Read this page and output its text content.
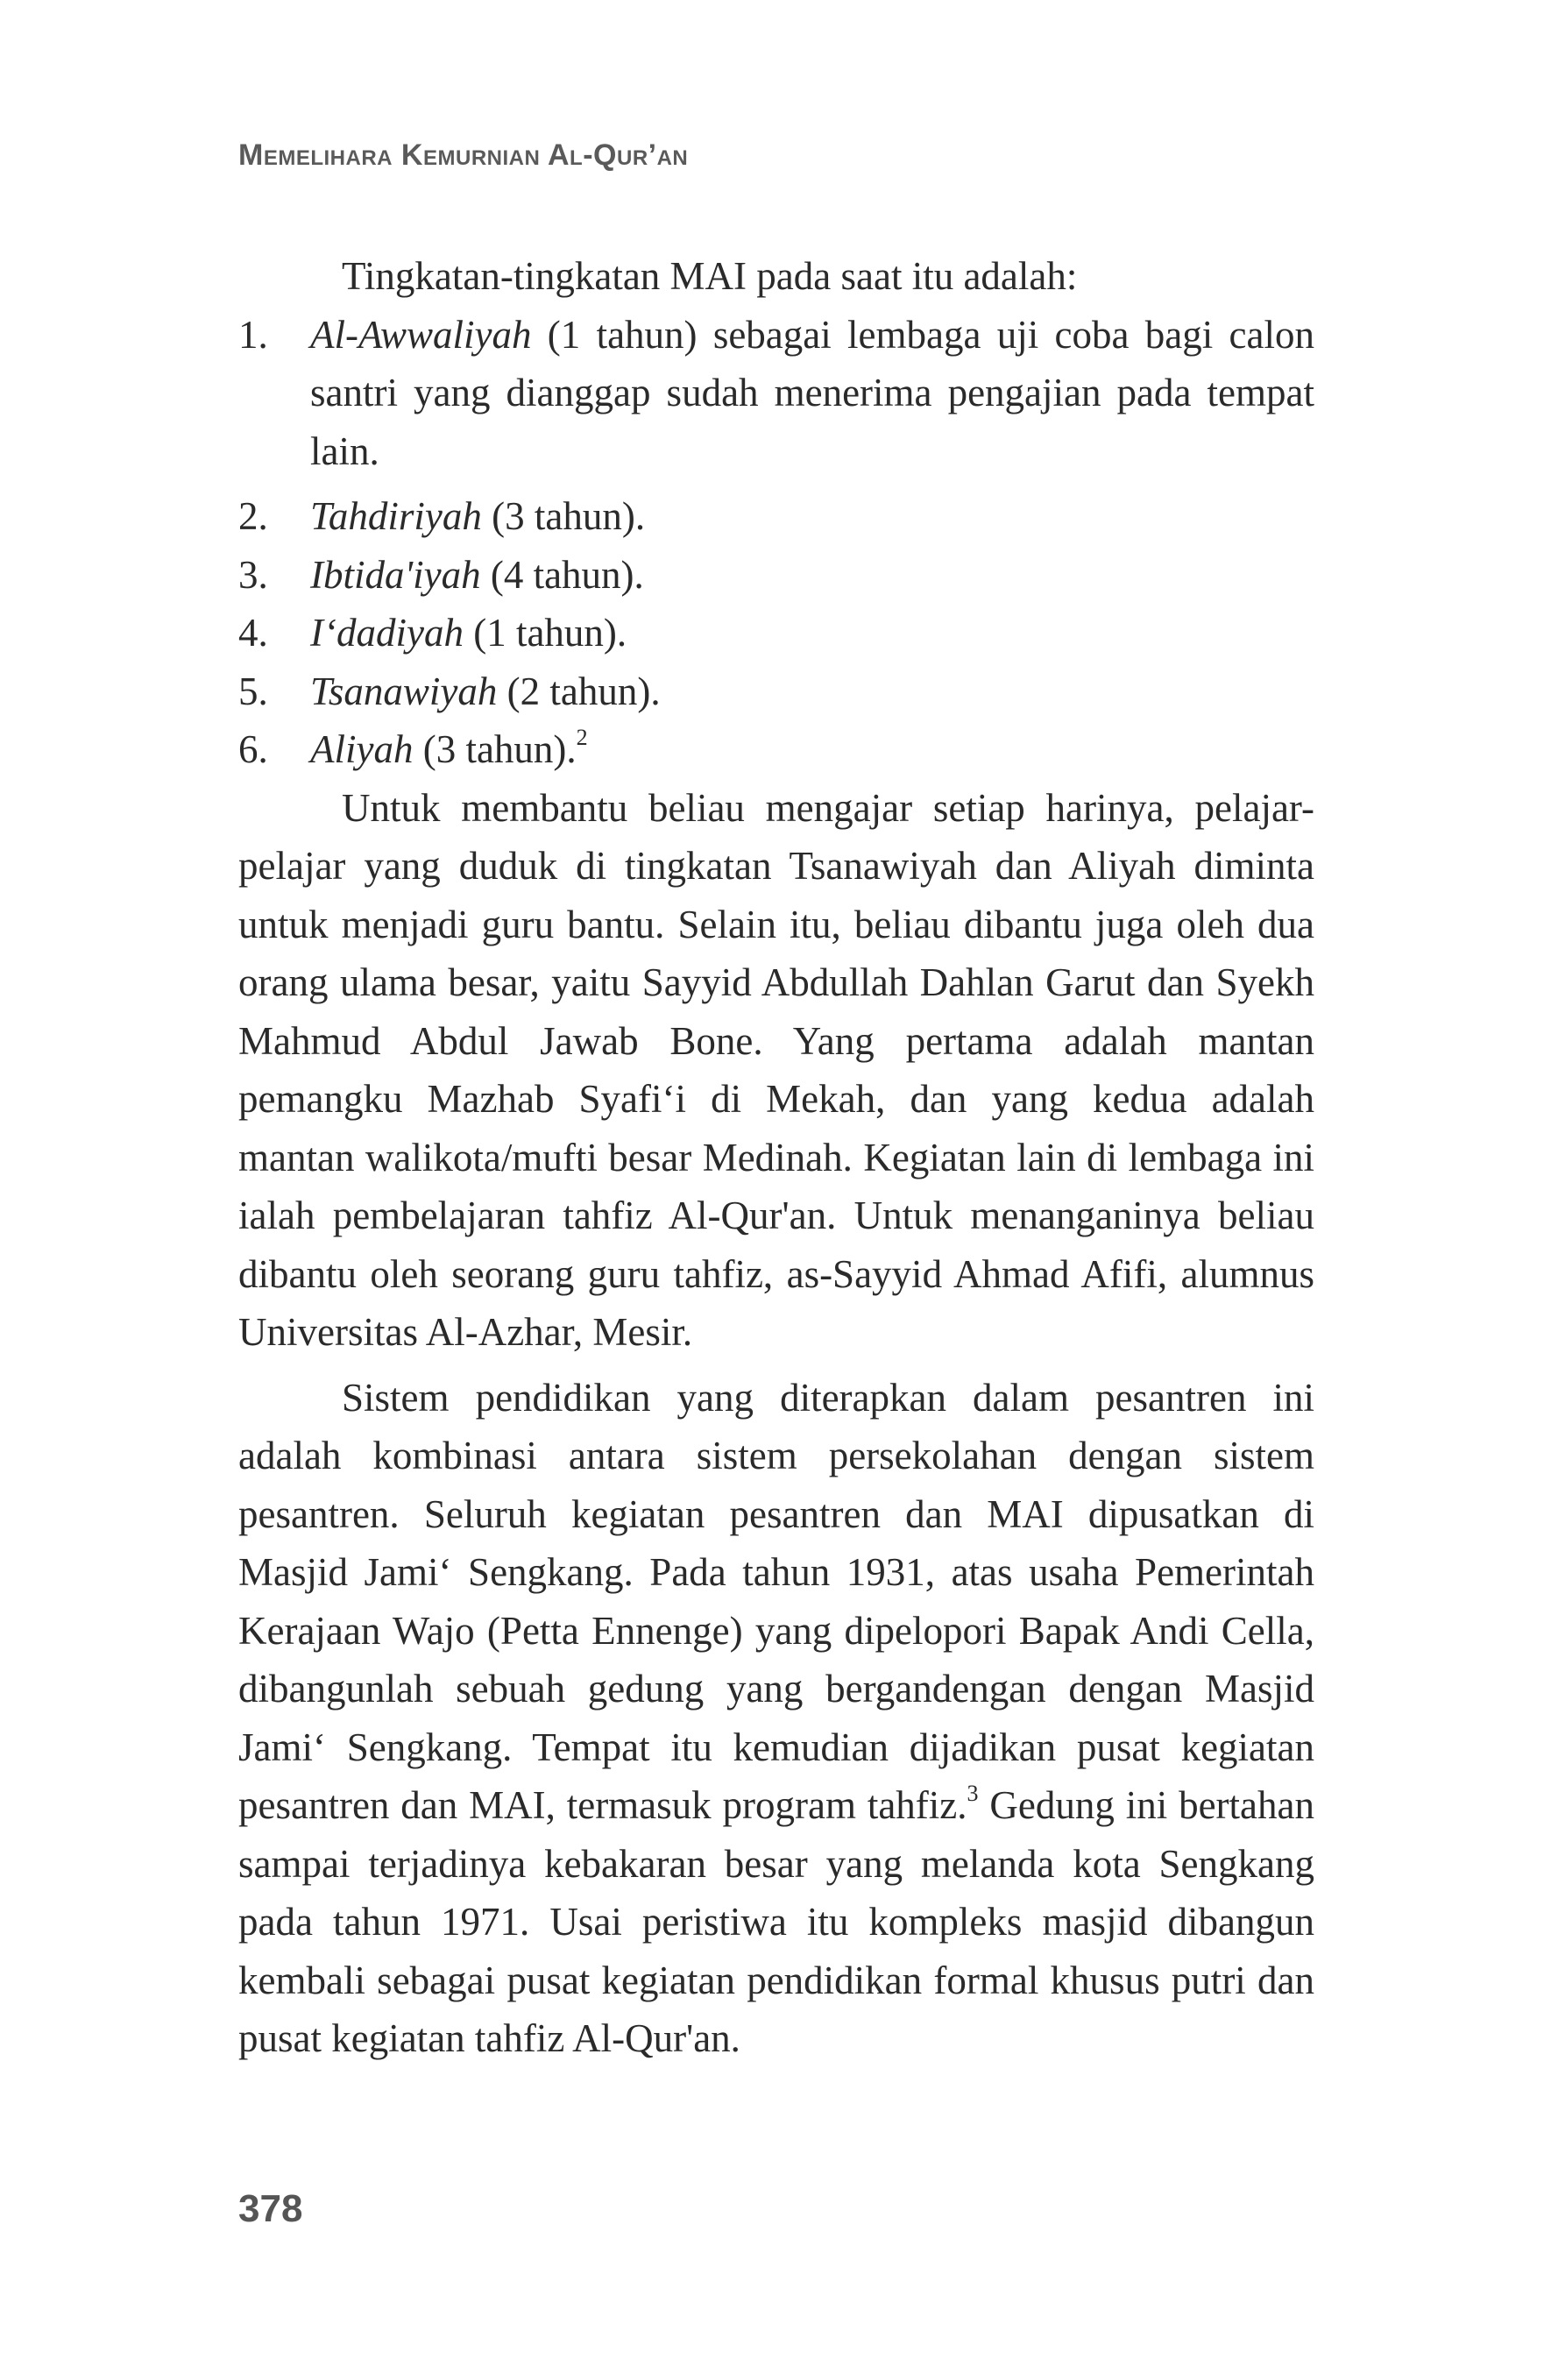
Memelihara Kemurnian Al-Qur’an

Tingkatan-tingkatan MAI pada saat itu adalah:

1. Al-Awwaliyah (1 tahun) sebagai lembaga uji coba bagi calon santri yang dianggap sudah menerima pengajian pada tempat lain.
2. Tahdiriyah (3 tahun).
3. Ibtida'iyah (4 tahun).
4. I‘dadiyah (1 tahun).
5. Tsanawiyah (2 tahun).
6. Aliyah (3 tahun).$^2$

Untuk membantu beliau mengajar setiap harinya, pelajar-pelajar yang duduk di tingkatan Tsanawiyah dan Aliyah diminta untuk menjadi guru bantu. Selain itu, beliau dibantu juga oleh dua orang ulama besar, yaitu Sayyid Abdullah Dahlan Garut dan Syekh Mahmud Abdul Jawab Bone. Yang pertama adalah mantan pemangku Mazhab Syafi‘i di Mekah, dan yang kedua adalah mantan walikota/mufti besar Medinah. Kegiatan lain di lembaga ini ialah pembelajaran tahfiz Al-Qur'an. Untuk menanganinya beliau dibantu oleh seorang guru tahfiz, as-Sayyid Ahmad Afifi, alumnus Universitas Al-Azhar, Mesir.

Sistem pendidikan yang diterapkan dalam pesantren ini adalah kombinasi antara sistem persekolahan dengan sistem pesantren. Seluruh kegiatan pesantren dan MAI dipusatkan di Masjid Jami‘ Sengkang. Pada tahun 1931, atas usaha Pemerintah Kerajaan Wajo (Petta Ennenge) yang dipelopori Bapak Andi Cella, dibangunlah sebuah gedung yang bergandengan dengan Masjid Jami‘ Sengkang. Tempat itu kemudian dijadikan pusat kegiatan pesantren dan MAI, termasuk program tahfiz.$^3$ Gedung ini bertahan sampai terjadinya kebakaran besar yang melanda kota Sengkang pada tahun 1971. Usai peristiwa itu kompleks masjid dibangun kembali sebagai pusat kegiatan pendidikan formal khusus putri dan pusat kegiatan tahfiz Al-Qur'an.

378
